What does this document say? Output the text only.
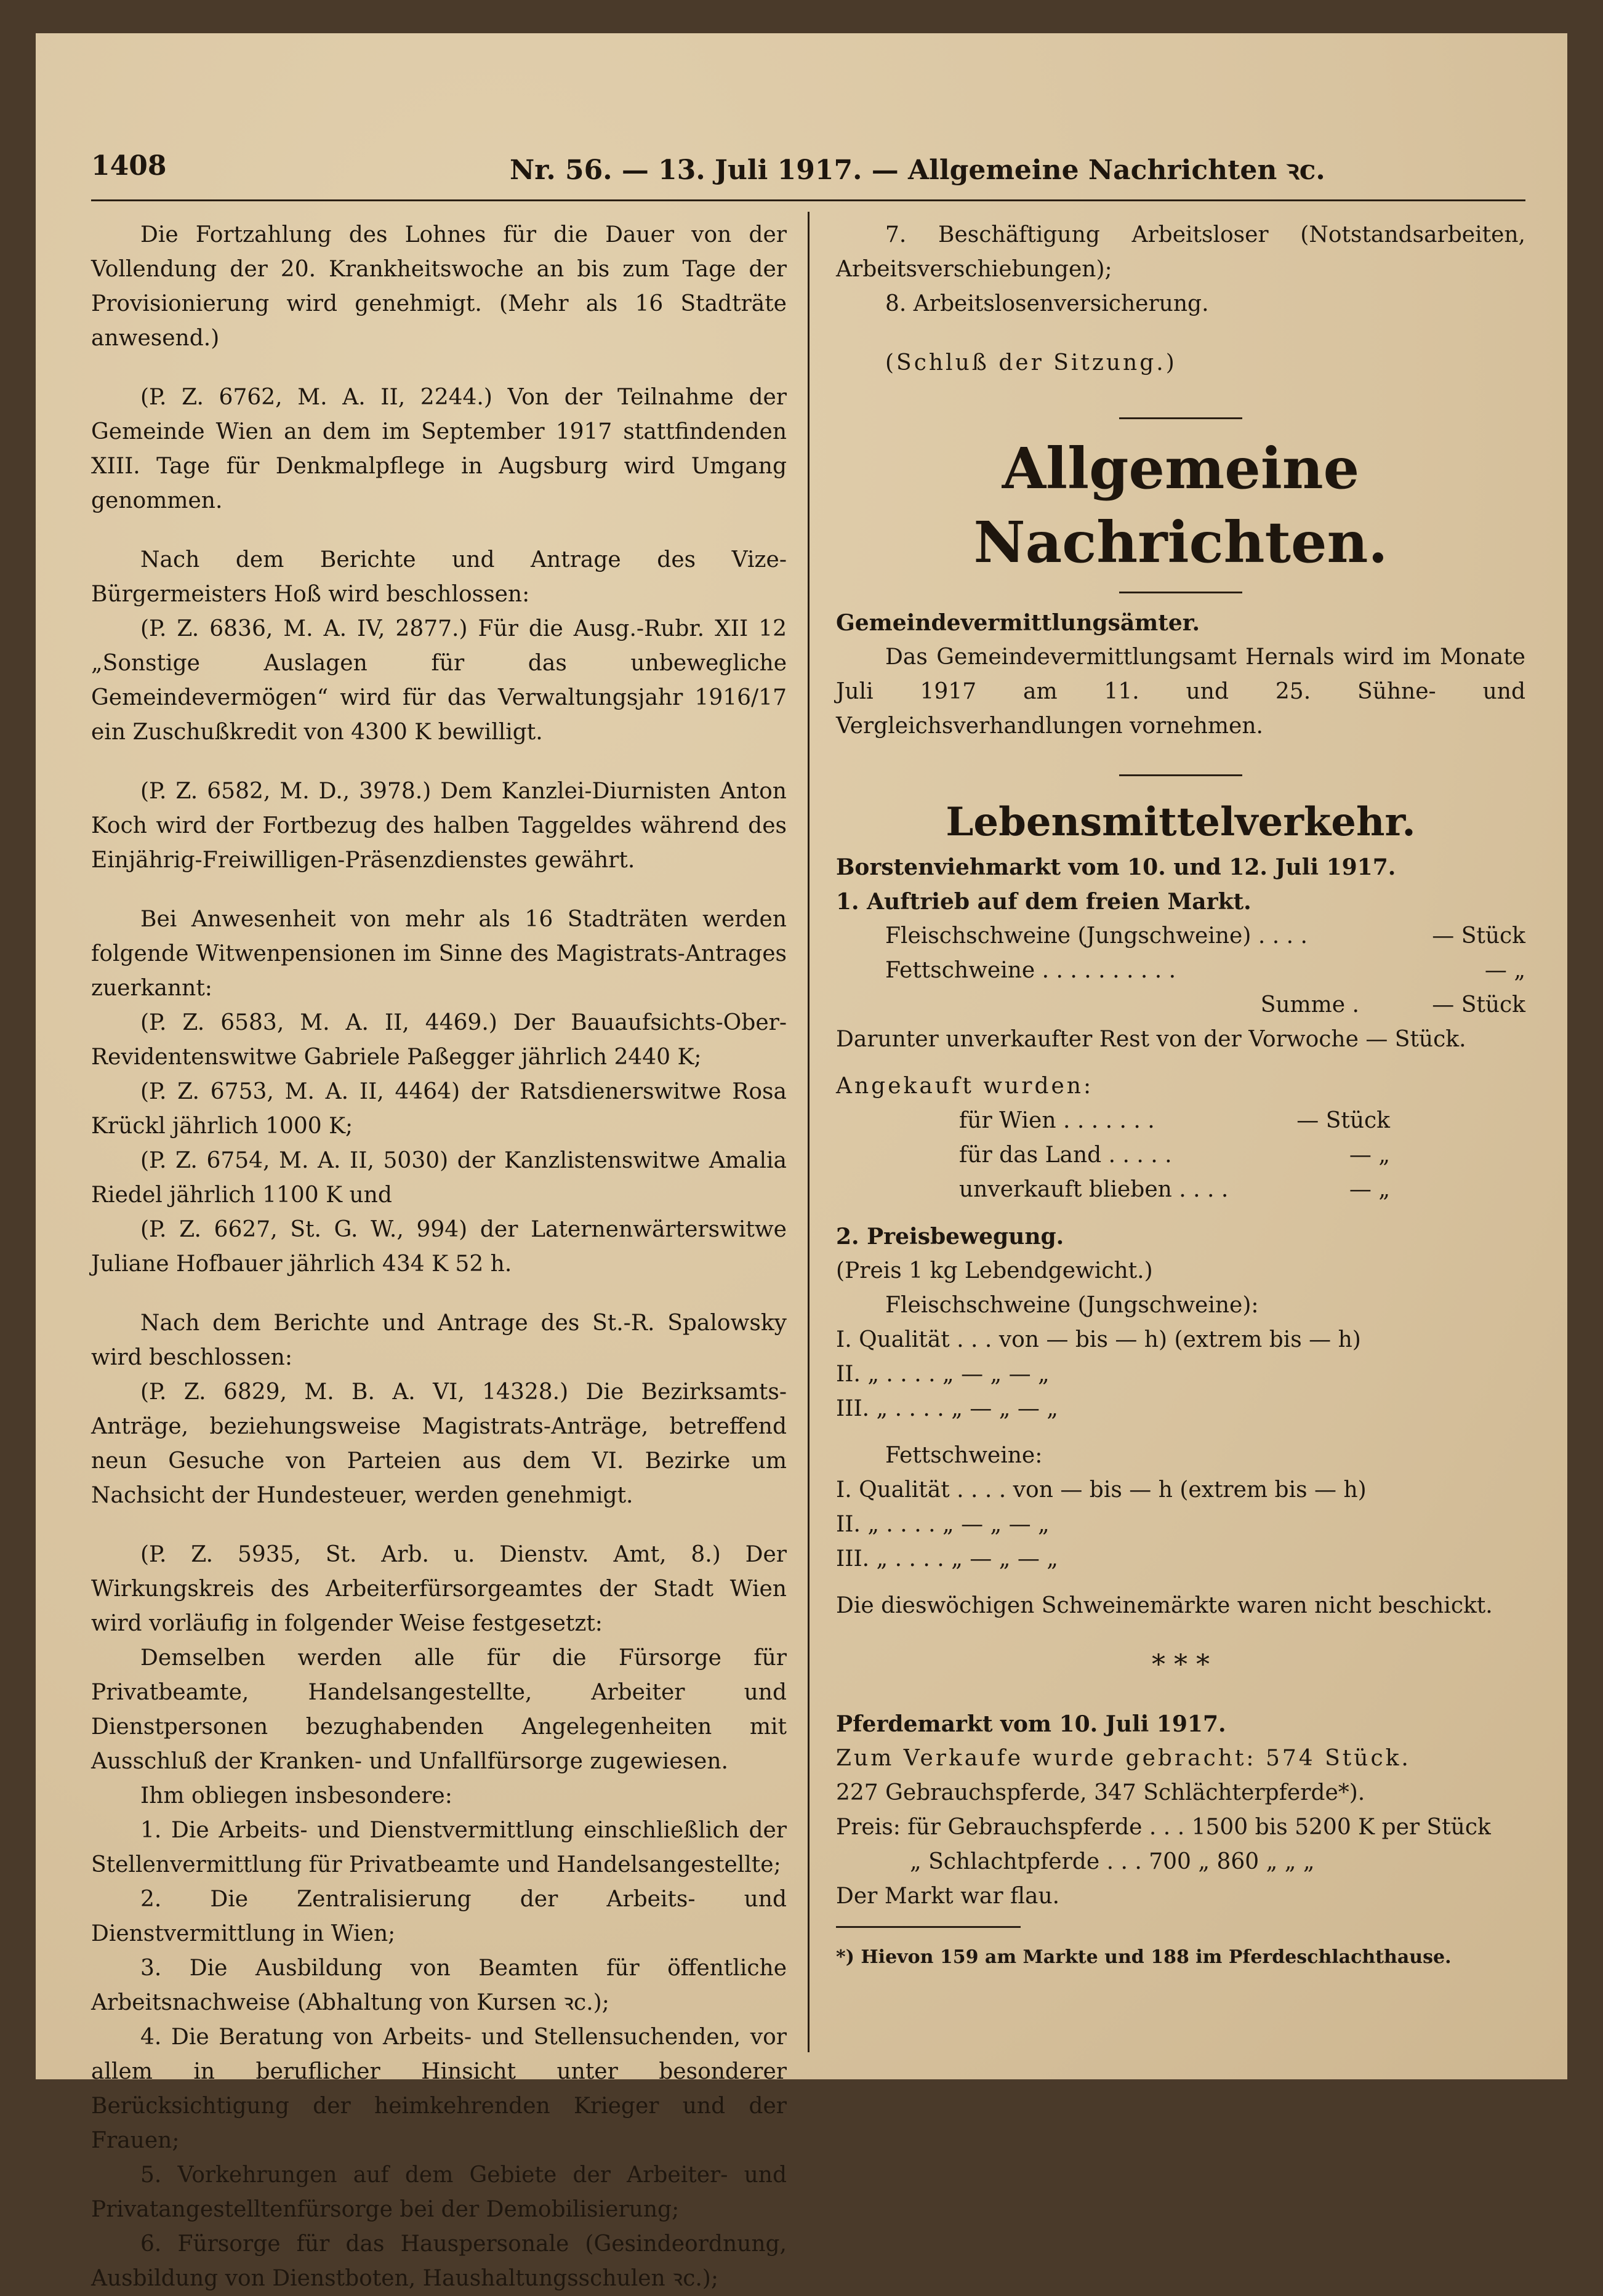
1408	Nr. 56. — 13. Juli 1917. — Allgemeine Nachrichten ꝛc.

Die Fortzahlung des Lohnes für die Dauer von der Vollendung der 20. Krankheitswoche an bis zum Tage der Provisionierung wird genehmigt. (Mehr als 16 Stadträte anwesend.)

(P. Z. 6762, M. A. II, 2244.) Von der Teilnahme der Gemeinde Wien an dem im September 1917 stattfindenden XIII. Tage für Denkmalpflege in Augsburg wird Umgang genommen.

Nach dem Berichte und Antrage des Vize-Bürgermeisters Hoß wird beschlossen:

(P. Z. 6836, M. A. IV, 2877.) Für die Ausg.-Rubr. XII 12 „Sonstige Auslagen für das unbewegliche Gemeindevermögen“ wird für das Verwaltungsjahr 1916/17 ein Zuschußkredit von 4300 K bewilligt.

(P. Z. 6582, M. D., 3978.) Dem Kanzlei-Diurnisten Anton Koch wird der Fortbezug des halben Taggeldes während des Einjährig-Freiwilligen-Präsenzdienstes gewährt.

Bei Anwesenheit von mehr als 16 Stadträten werden folgende Witwenpensionen im Sinne des Magistrats-Antrages zuerkannt:

(P. Z. 6583, M. A. II, 4469.) Der Bauaufsichts-Ober-Revidentenswitwe Gabriele Paßegger jährlich 2440 K;

(P. Z. 6753, M. A. II, 4464) der Ratsdienerswitwe Rosa Krückl jährlich 1000 K;

(P. Z. 6754, M. A. II, 5030) der Kanzlistenswitwe Amalia Riedel jährlich 1100 K und

(P. Z. 6627, St. G. W., 994) der Laternenwärterswitwe Juliane Hofbauer jährlich 434 K 52 h.

Nach dem Berichte und Antrage des St.-R. Spalowsky wird beschlossen:

(P. Z. 6829, M. B. A. VI, 14328.) Die Bezirksamts-Anträge, beziehungsweise Magistrats-Anträge, betreffend neun Gesuche von Parteien aus dem VI. Bezirke um Nachsicht der Hundesteuer, werden genehmigt.

(P. Z. 5935, St. Arb. u. Dienstv. Amt, 8.) Der Wirkungskreis des Arbeiterfürsorgeamtes der Stadt Wien wird vorläufig in folgender Weise festgesetzt:

Demselben werden alle für die Fürsorge für Privatbeamte, Handelsangestellte, Arbeiter und Dienstpersonen bezughabenden Angelegenheiten mit Ausschluß der Kranken- und Unfallfürsorge zugewiesen.

Ihm obliegen insbesondere:

1. Die Arbeits- und Dienstvermittlung einschließlich der Stellenvermittlung für Privatbeamte und Handelsangestellte;

2. Die Zentralisierung der Arbeits- und Dienstvermittlung in Wien;

3. Die Ausbildung von Beamten für öffentliche Arbeitsnachweise (Abhaltung von Kursen ꝛc.);

4. Die Beratung von Arbeits- und Stellensuchenden, vor allem in beruflicher Hinsicht unter besonderer Berücksichtigung der heimkehrenden Krieger und der Frauen;

5. Vorkehrungen auf dem Gebiete der Arbeiter- und Privatangestelltenfürsorge bei der Demobilisierung;

6. Fürsorge für das Hauspersonale (Gesindeordnung, Ausbildung von Dienstboten, Haushaltungsschulen ꝛc.);

7. Beschäftigung Arbeitsloser (Notstandsarbeiten, Arbeitsverschiebungen);

8. Arbeitslosenversicherung.

(Schluß der Sitzung.)

Allgemeine Nachrichten.

Gemeindevermittlungsämter.

Das Gemeindevermittlungsamt Hernals wird im Monate Juli 1917 am 11. und 25. Sühne- und Vergleichsverhandlungen vornehmen.

Lebensmittelverkehr.

Borstenviehmarkt vom 10. und 12. Juli 1917.

1. Auftrieb auf dem freien Markt.

Fleischschweine (Jungschweine) . . . .	— Stück
Fettschweine . . . . . . . . . .	— „
Summe .	— Stück

Darunter unverkaufter Rest von der Vorwoche — Stück.

Angekauft wurden:

für Wien . . . . . . .	— Stück
für das Land . . . . .	— „
unverkauft blieben . . . .	— „

2. Preisbewegung.

(Preis 1 kg Lebendgewicht.)

Fleischschweine (Jungschweine):

I. Qualität . . . von — bis — h) (extrem bis — h)

II. „ . . . . „ — „ — „

III. „ . . . . „ — „ — „

Fettschweine:

I. Qualität . . . . von — bis — h (extrem bis — h)

II. „ . . . . „ — „ — „

III. „ . . . . „ — „ — „

Die dieswöchigen Schweinemärkte waren nicht beschickt.

* * *

Pferdemarkt vom 10. Juli 1917.

Zum Verkaufe wurde gebracht: 574 Stück.

227 Gebrauchspferde, 347 Schlächterpferde*).

Preis: für Gebrauchspferde . . . 1500 bis 5200 K per Stück

„ Schlachtpferde . . . 700 „ 860 „ „ „

Der Markt war flau.

*) Hievon 159 am Markte und 188 im Pferdeschlachthause.
